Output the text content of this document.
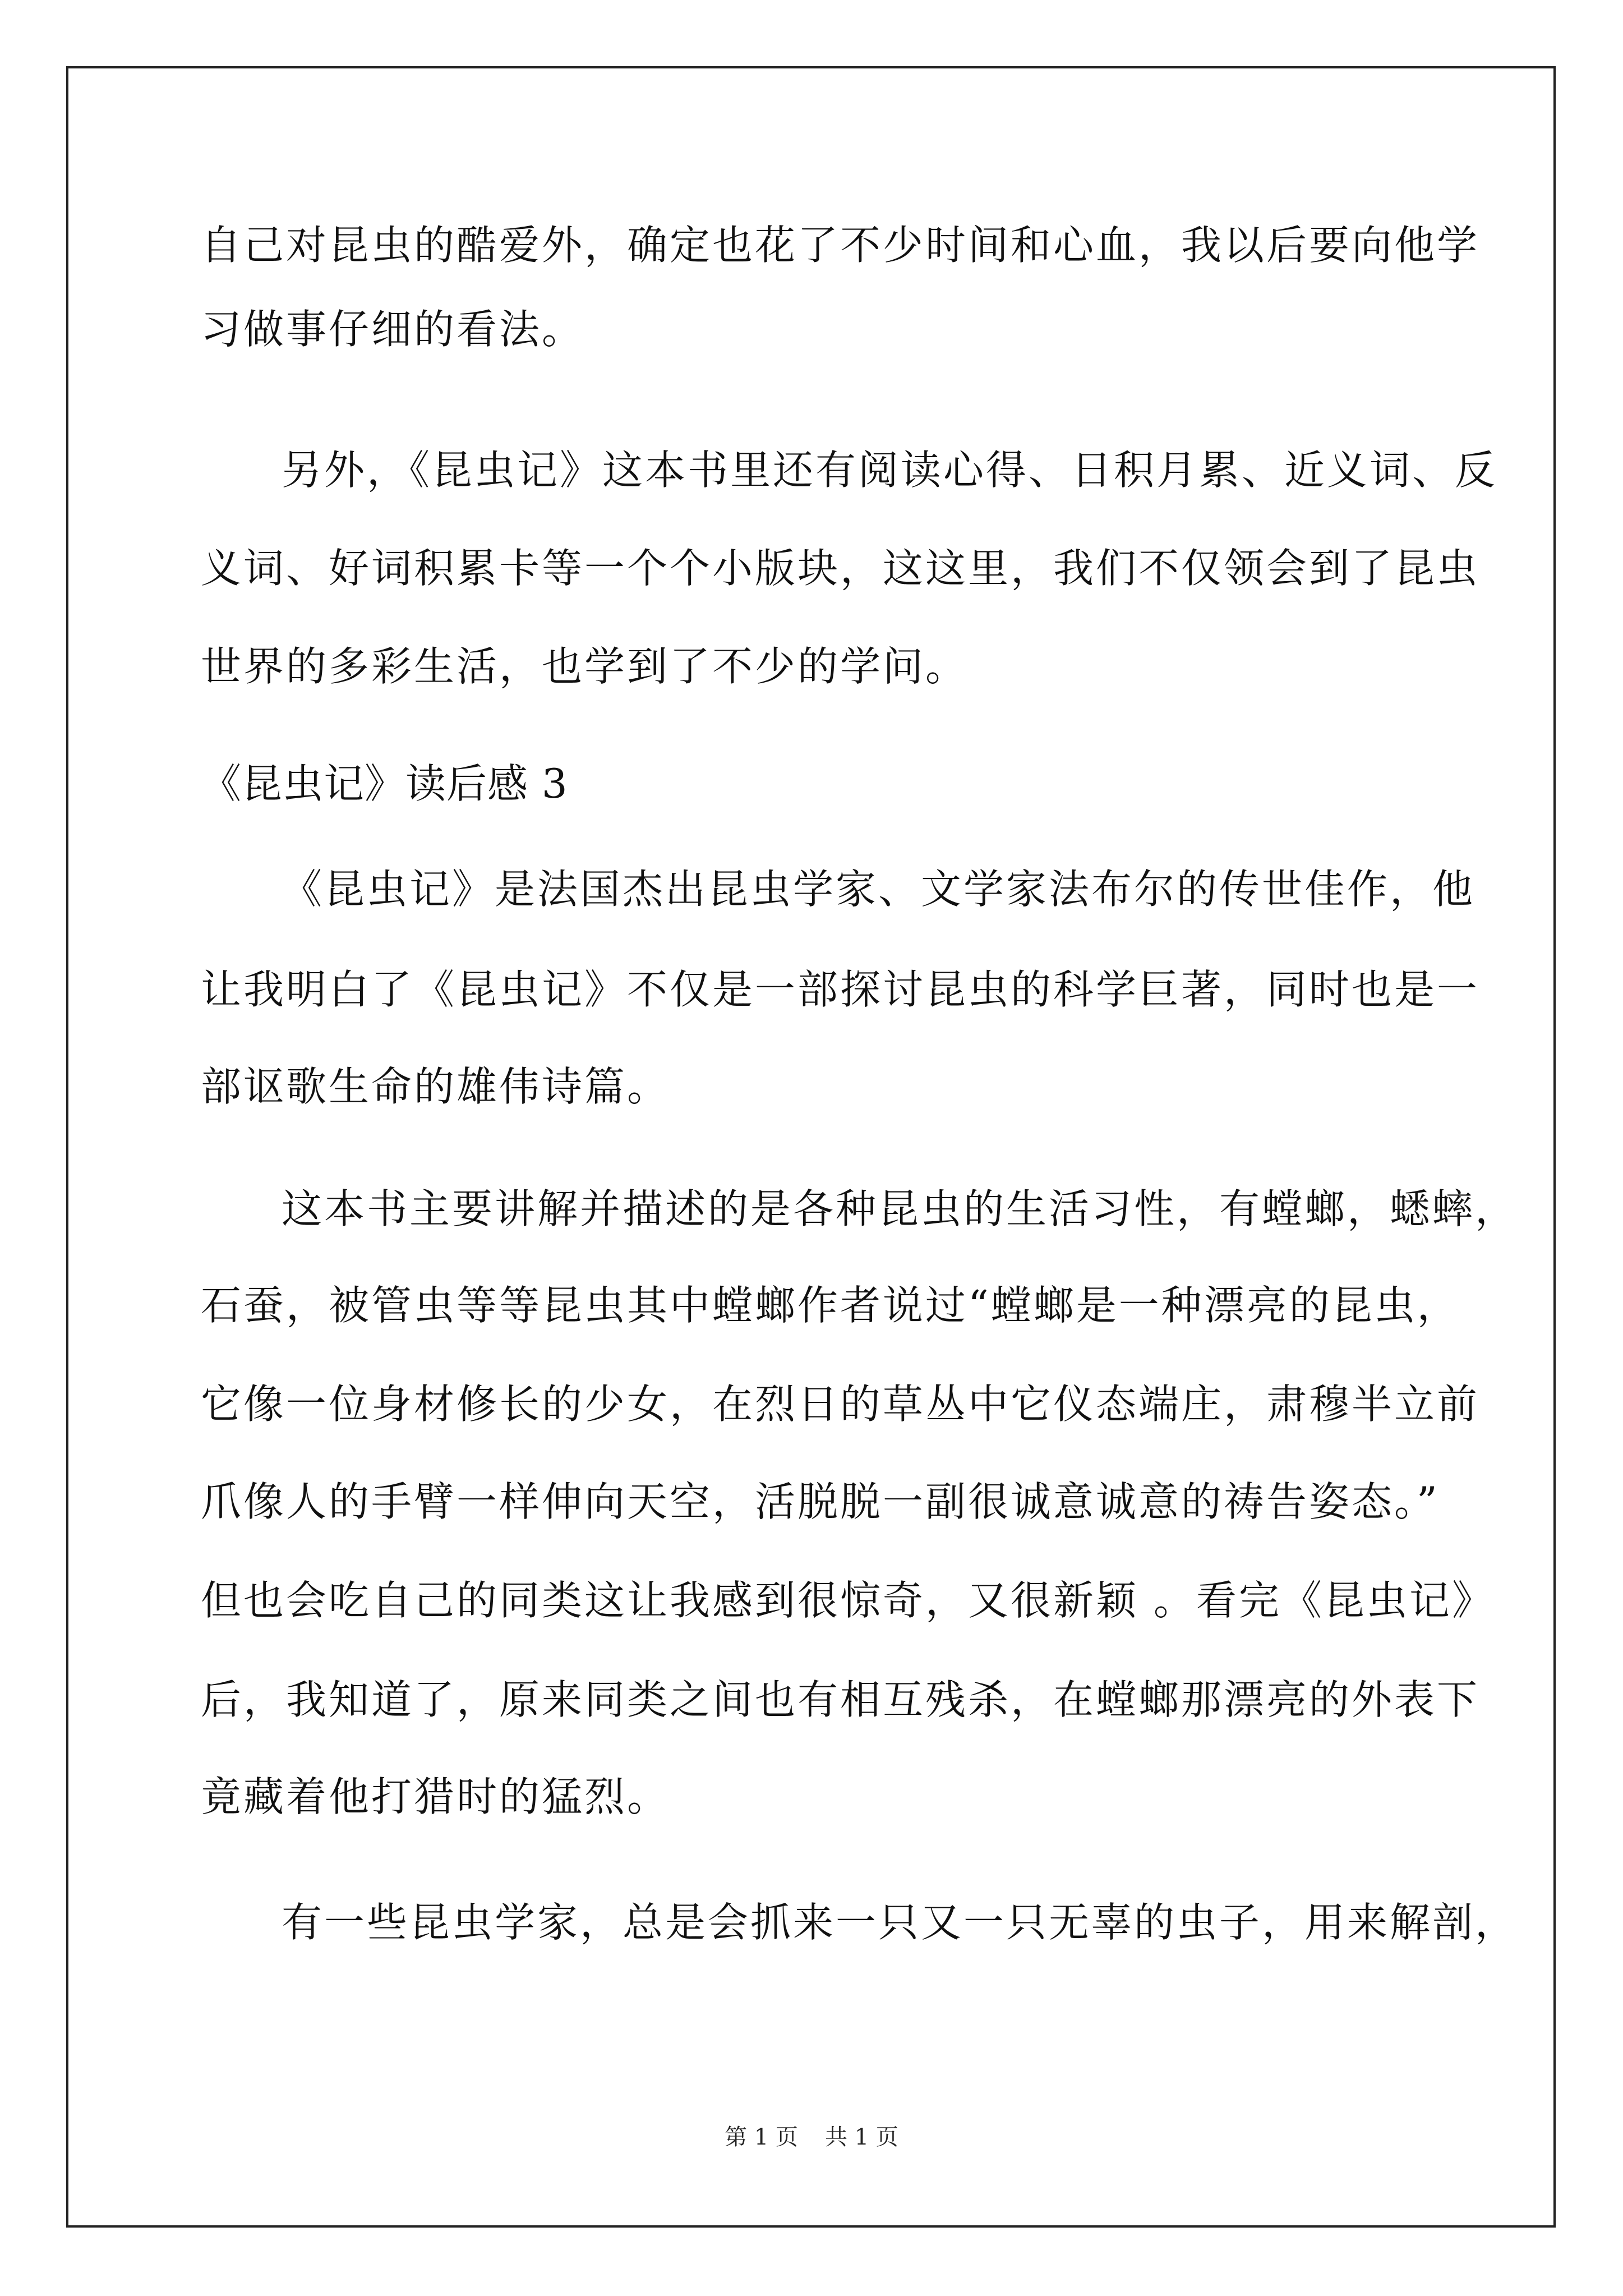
自己对昆虫的酷爱外，确定也花了不少时间和心血，我以后要向他学
习做事仔细的看法。
另外，《昆虫记》这本书里还有阅读心得、日积月累、近义词、反
义词、好词积累卡等一个个小版块，这这里，我们不仅领会到了昆虫
世界的多彩生活，也学到了不少的学问。
《昆虫记》读后感 3
《昆虫记》是法国杰出昆虫学家、文学家法布尔的传世佳作，他
让我明白了《昆虫记》不仅是一部探讨昆虫的科学巨著，同时也是一
部讴歌生命的雄伟诗篇。
这本书主要讲解并描述的是各种昆虫的生活习性，有螳螂，蟋蟀，
石蚕，被管虫等等昆虫其中螳螂作者说过“螳螂是一种漂亮的昆虫，
它像一位身材修长的少女，在烈日的草丛中它仪态端庄，肃穆半立前
爪像人的手臂一样伸向天空，活脱脱一副很诚意诚意的祷告姿态。”
但也会吃自己的同类这让我感到很惊奇，又很新颖 。看完《昆虫记》
后，我知道了，原来同类之间也有相互残杀，在螳螂那漂亮的外表下
竟藏着他打猎时的猛烈。
有一些昆虫学家，总是会抓来一只又一只无辜的虫子，用来解剖，
第 1 页 共 1 页
